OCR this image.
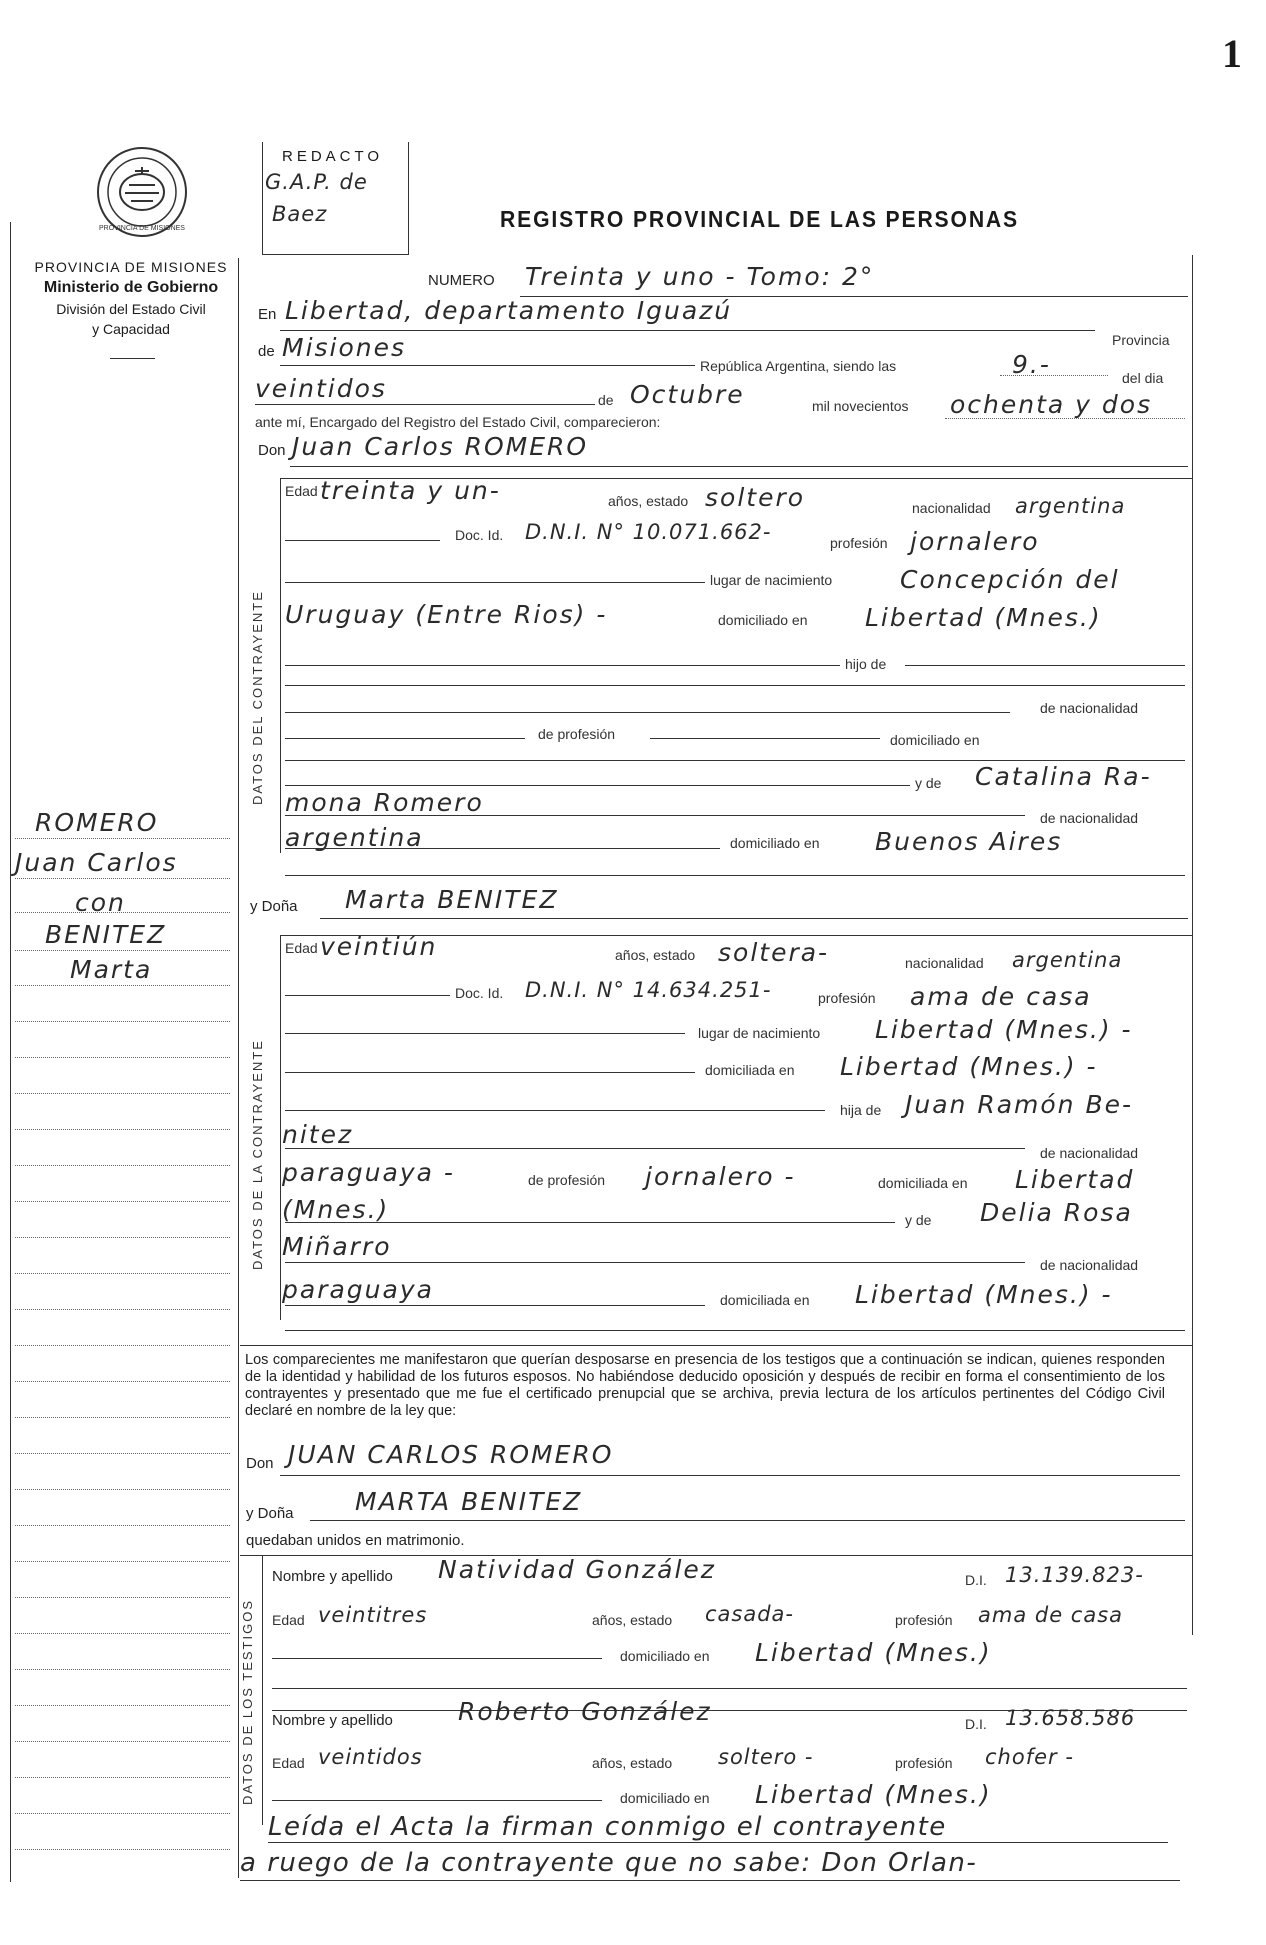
1
PROVINCIA DE MISIONES
PROVINCIA DE MISIONES
Ministerio de Gobierno
División del Estado Civil
y Capacidad
REDACTO
G.A.P. de
Baez	REGISTRO PROVINCIAL DE LAS PERSONAS
NUMERO Treinta y uno - Tomo: 2°
En Libertad, departamento Iguazú
Provincia
de Misiones
República Argentina, siendo las	9.-	del dia
veintidos	de Octubre	mil novecientos ochenta y dos
ante mí, Encargado del Registro del Estado Civil, comparecieron:
Don Juan Carlos ROMERO
DATOS DEL CONTRAYENTE
Edad treinta y un-	años, estado soltero	nacionalidad argentina
Doc. Id. D.N.I. N° 10.071.662-	profesión jornalero
lugar de nacimiento	Concepción del
Uruguay (Entre Rios) -	domiciliado en Libertad (Mnes.)
hijo de
de nacionalidad
de profesión	domiciliado en
y de Catalina Ra-
mona Romero
de nacionalidad
argentina	domiciliado en Buenos Aires
y Doña Marta BENITEZ
DATOS DE LA CONTRAYENTE
Edad veintiún	años, estado soltera-	nacionalidad argentina
Doc. Id. D.N.I. N° 14.634.251-	profesión ama de casa
lugar de nacimiento Libertad (Mnes.) -
domiciliada en Libertad (Mnes.) -
hija de Juan Ramón Be-
nitez
de nacionalidad
paraguaya -	de profesión jornalero -	domiciliada en Libertad
(Mnes.)	y de Delia Rosa
Miñarro
de nacionalidad
paraguaya	domiciliada en Libertad (Mnes.) -
Los comparecientes me manifestaron que querían desposarse en presencia de los testigos que a continuación se indican, quienes responden de la identidad y habilidad de los futuros esposos. No habiéndose deducido oposición y después de recibir en forma el consentimiento de los contrayentes y presentado que me fue el certificado prenupcial que se archiva, previa lectura de los artículos pertinentes del Código Civil declaré en nombre de la ley que:
Don JUAN CARLOS ROMERO
y Doña MARTA BENITEZ
quedaban unidos en matrimonio.
DATOS DE LOS TESTIGOS
Nombre y apellido Natividad González	D.I. 13.139.823-
Edad veintitres	años, estado casada-	profesión ama de casa
domiciliado en Libertad (Mnes.)
Nombre y apellido	Roberto González	D.I. 13.658.586
Edad veintidos	años, estado soltero -	profesión chofer -
domiciliado en Libertad (Mnes.)
Leída el Acta la firman conmigo el contrayente
a ruego de la contrayente que no sabe: Don Orlan-
ROMERO
Juan Carlos
con
BENITEZ
Marta
